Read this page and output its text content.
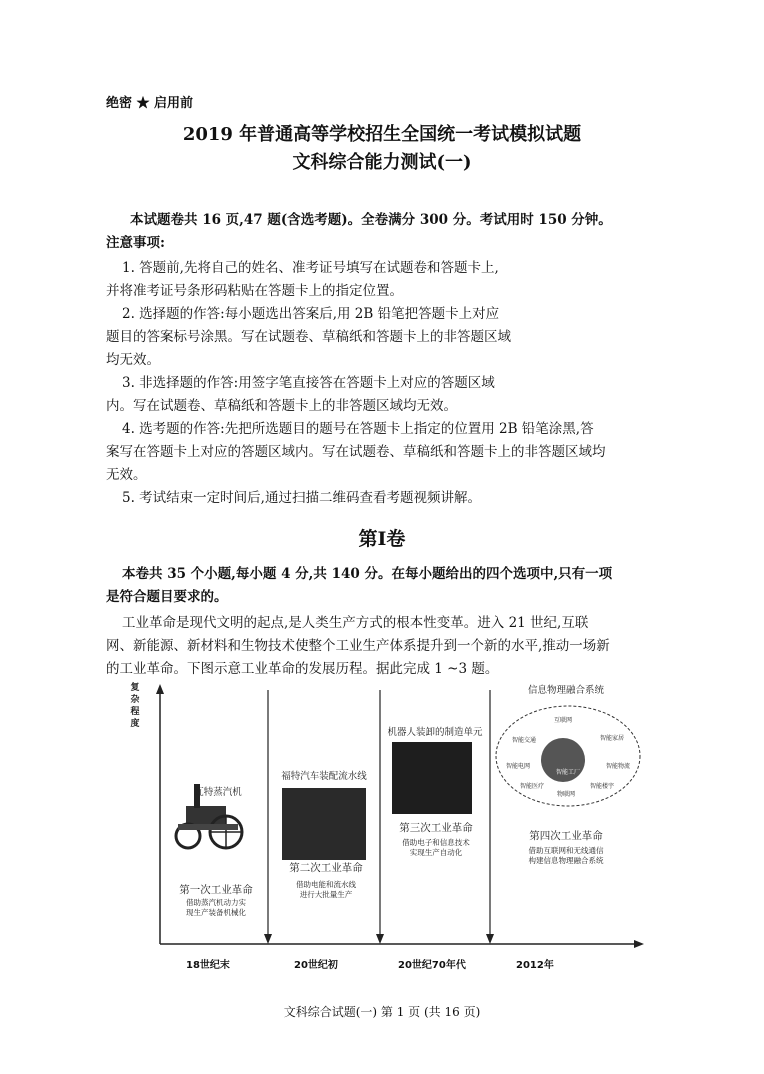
绝密 ★ 启用前
2019 年普通高等学校招生全国统一考试模拟试题
文科综合能力测试(一)
本试题卷共 16 页,47 题(含选考题)。全卷满分 300 分。考试用时 150 分钟。
注意事项:
1. 答题前,先将自己的姓名、准考证号填写在试题卷和答题卡上,
并将准考证号条形码粘贴在答题卡上的指定位置。
2. 选择题的作答:每小题选出答案后,用 2B 铅笔把答题卡上对应
题目的答案标号涂黑。写在试题卷、草稿纸和答题卡上的非答题区域
均无效。
3. 非选择题的作答:用签字笔直接答在答题卡上对应的答题区域
内。写在试题卷、草稿纸和答题卡上的非答题区域均无效。
4. 选考题的作答:先把所选题目的题号在答题卡上指定的位置用 2B 铅笔涂黑,答
案写在答题卡上对应的答题区域内。写在试题卷、草稿纸和答题卡上的非答题区域均
无效。
5. 考试结束一定时间后,通过扫描二维码查看考题视频讲解。
第Ⅰ卷
本卷共 35 个小题,每小题 4 分,共 140 分。在每小题给出的四个选项中,只有一项
是符合题目要求的。
工业革命是现代文明的起点,是人类生产方式的根本性变革。进入 21 世纪,互联
网、新能源、新材料和生物技术使整个工业生产体系提升到一个新的水平,推动一场新
的工业革命。下图示意工业革命的发展历程。据此完成 1 ~3 题。
复杂程度
瓦特蒸汽机
第一次工业革命
借助蒸汽机动力实
现生产装备机械化
福特汽车装配流水线
第二次工业革命
借助电能和流水线
进行大批量生产
机器人装卸的制造单元
第三次工业革命
借助电子和信息技术
实现生产自动化
信息物理融合系统
互联网
智能交通	智能家居
智能工厂
智能电网	智能物流
物联网
智能医疗	智能楼宇
第四次工业革命
借助互联网和无线通信
构建信息物理融合系统
18世纪末	20世纪初	20世纪70年代	2012年
文科综合试题(一) 第 1 页 (共 16 页)
